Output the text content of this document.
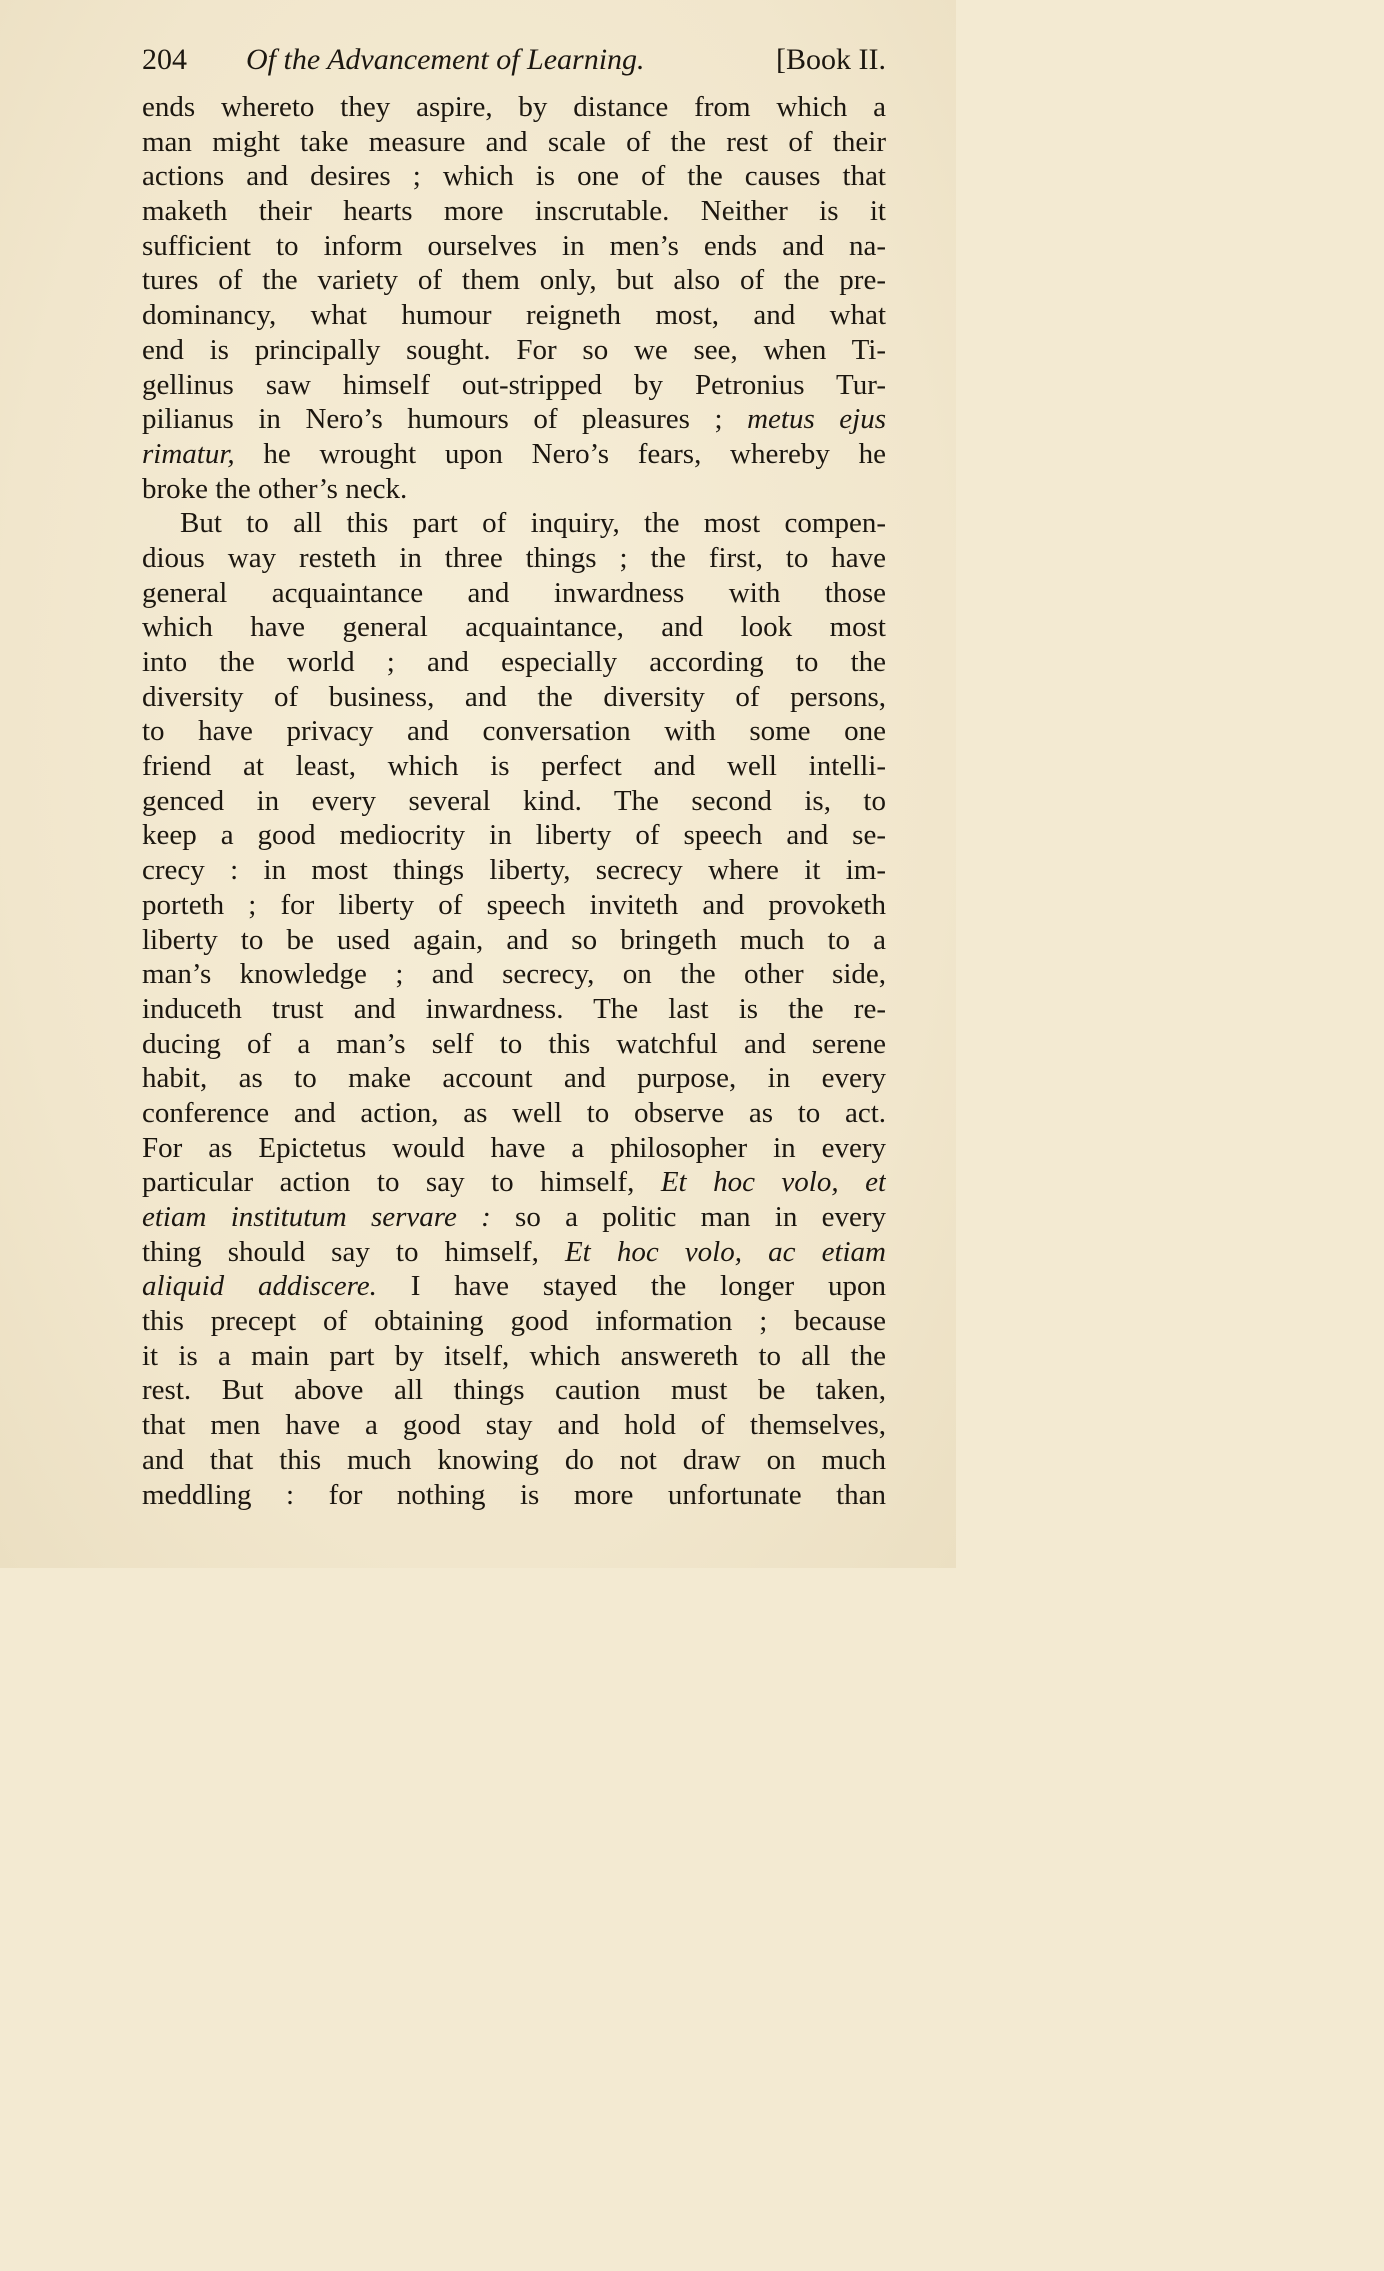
204 Of the Advancement of Learning.	[Book II.
ends whereto they aspire, by distance from which a
man might take measure and scale of the rest of their
actions and desires ; which is one of the causes that
maketh their hearts more inscrutable. Neither is it
sufficient to inform ourselves in men’s ends and na-
tures of the variety of them only, but also of the pre-
dominancy, what humour reigneth most, and what
end is principally sought. For so we see, when Ti-
gellinus saw himself out-stripped by Petronius Tur-
pilianus in Nero’s humours of pleasures ; metus ejus
rimatur, he wrought upon Nero’s fears, whereby he
broke the other’s neck.
But to all this part of inquiry, the most compen-
dious way resteth in three things ; the first, to have
general acquaintance and inwardness with those
which have general acquaintance, and look most
into the world ; and especially according to the
diversity of business, and the diversity of persons,
to have privacy and conversation with some one
friend at least, which is perfect and well intelli-
genced in every several kind. The second is, to
keep a good mediocrity in liberty of speech and se-
crecy : in most things liberty, secrecy where it im-
porteth ; for liberty of speech inviteth and provoketh
liberty to be used again, and so bringeth much to a
man’s knowledge ; and secrecy, on the other side,
induceth trust and inwardness. The last is the re-
ducing of a man’s self to this watchful and serene
habit, as to make account and purpose, in every
conference and action, as well to observe as to act.
For as Epictetus would have a philosopher in every
particular action to say to himself, Et hoc volo, et
etiam institutum servare : so a politic man in every
thing should say to himself, Et hoc volo, ac etiam
aliquid addiscere. I have stayed the longer upon
this precept of obtaining good information ; because
it is a main part by itself, which answereth to all the
rest. But above all things caution must be taken,
that men have a good stay and hold of themselves,
and that this much knowing do not draw on much
meddling : for nothing is more unfortunate than
